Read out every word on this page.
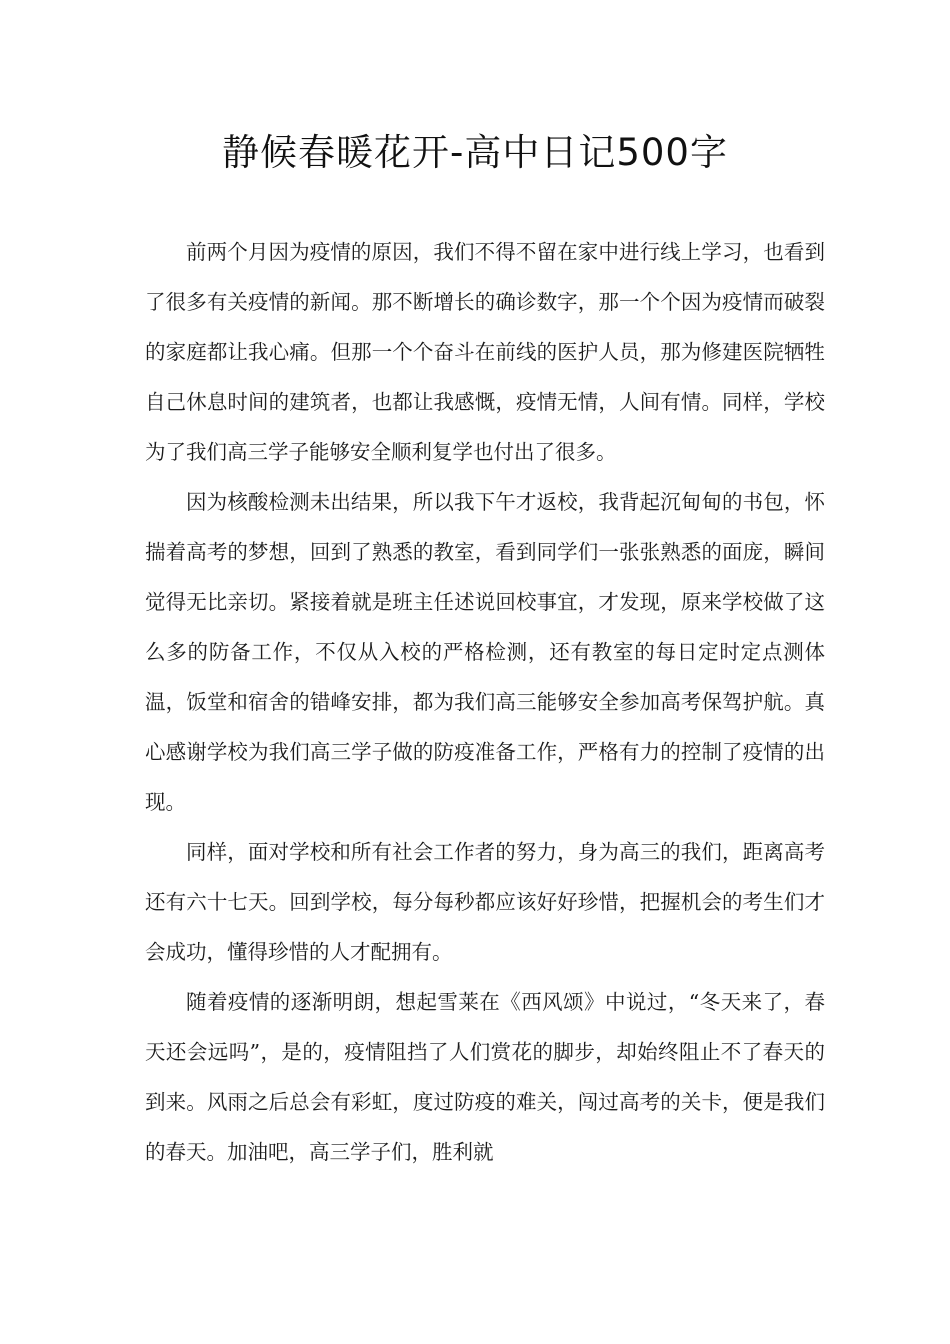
静候春暖花开-高中日记500字

前两个月因为疫情的原因，我们不得不留在家中进行线上学习，也看到了很多有关疫情的新闻。那不断增长的确诊数字，那一个个因为疫情而破裂的家庭都让我心痛。但那一个个奋斗在前线的医护人员，那为修建医院牺牲自己休息时间的建筑者，也都让我感慨，疫情无情，人间有情。同样，学校为了我们高三学子能够安全顺利复学也付出了很多。

因为核酸检测未出结果，所以我下午才返校，我背起沉甸甸的书包，怀揣着高考的梦想，回到了熟悉的教室，看到同学们一张张熟悉的面庞，瞬间觉得无比亲切。紧接着就是班主任述说回校事宜，才发现，原来学校做了这么多的防备工作，不仅从入校的严格检测，还有教室的每日定时定点测体温，饭堂和宿舍的错峰安排，都为我们高三能够安全参加高考保驾护航。真心感谢学校为我们高三学子做的防疫准备工作，严格有力的控制了疫情的出现。

同样，面对学校和所有社会工作者的努力，身为高三的我们，距离高考还有六十七天。回到学校，每分每秒都应该好好珍惜，把握机会的考生们才会成功，懂得珍惜的人才配拥有。

随着疫情的逐渐明朗，想起雪莱在《西风颂》中说过，“冬天来了，春天还会远吗”，是的，疫情阻挡了人们赏花的脚步，却始终阻止不了春天的到来。风雨之后总会有彩虹，度过防疫的难关，闯过高考的关卡，便是我们的春天。加油吧，高三学子们，胜利就
